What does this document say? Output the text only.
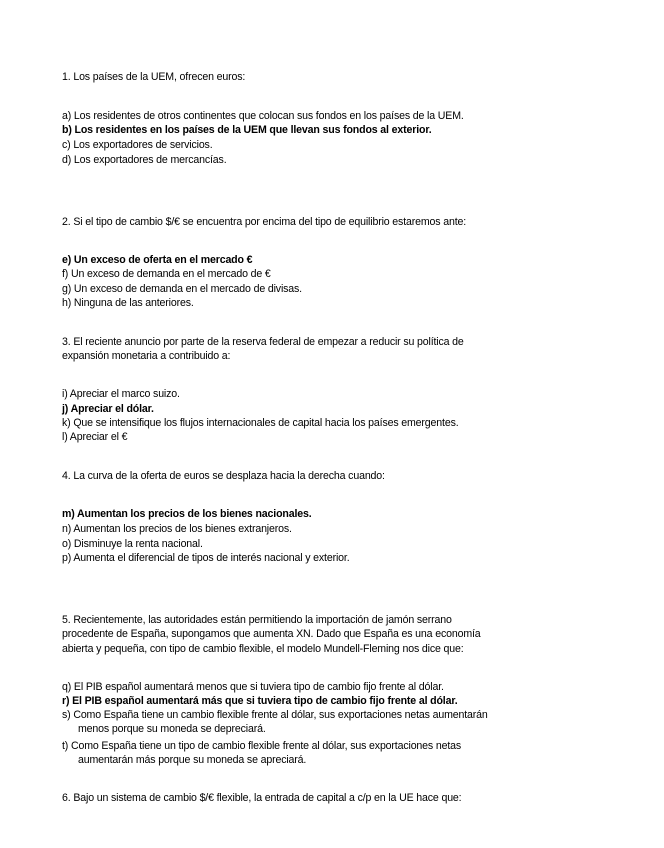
1. Los países de la UEM, ofrecen euros:

a) Los residentes de otros continentes que colocan sus fondos en los países de la UEM.

b) Los residentes en los países de la UEM que llevan sus fondos al exterior.

c) Los exportadores de servicios.

d) Los exportadores de mercancías.

2. Si el tipo de cambio $/€ se encuentra por encima del tipo de equilibrio estaremos ante:

e) Un exceso de oferta en el mercado €

f) Un exceso de demanda en el mercado de €

g) Un exceso de demanda en el mercado de divisas.

h) Ninguna de las anteriores.

3. El reciente anuncio por parte de la reserva federal de empezar a reducir su política de

expansión monetaria a contribuido a:

i) Apreciar el marco suizo.

j) Apreciar el dólar.

k) Que se intensifique los flujos internacionales de capital hacia los países emergentes.

l) Apreciar el €

4. La curva de la oferta de euros se desplaza hacia la derecha cuando:

m) Aumentan los precios de los bienes nacionales.

n) Aumentan los precios de los bienes extranjeros.

o) Disminuye la renta nacional.

p) Aumenta el diferencial de tipos de interés nacional y exterior.

5. Recientemente, las autoridades están permitiendo la importación de jamón serrano

procedente de España, supongamos que aumenta XN. Dado que España es una economía

abierta y pequeña, con tipo de cambio flexible, el modelo Mundell-Fleming nos dice que:

q) El PIB español aumentará menos que si tuviera tipo de cambio fijo frente al dólar.

r) El PIB español aumentará más que si tuviera tipo de cambio fijo frente al dólar.

s) Como España tiene un cambio flexible frente al dólar, sus exportaciones netas aumentarán

menos porque su moneda se depreciará.

t) Como España tiene un tipo de cambio flexible frente al dólar, sus exportaciones netas

aumentarán más porque su moneda se apreciará.

6. Bajo un sistema de cambio $/€ flexible, la entrada de capital a c/p en la UE hace que:
